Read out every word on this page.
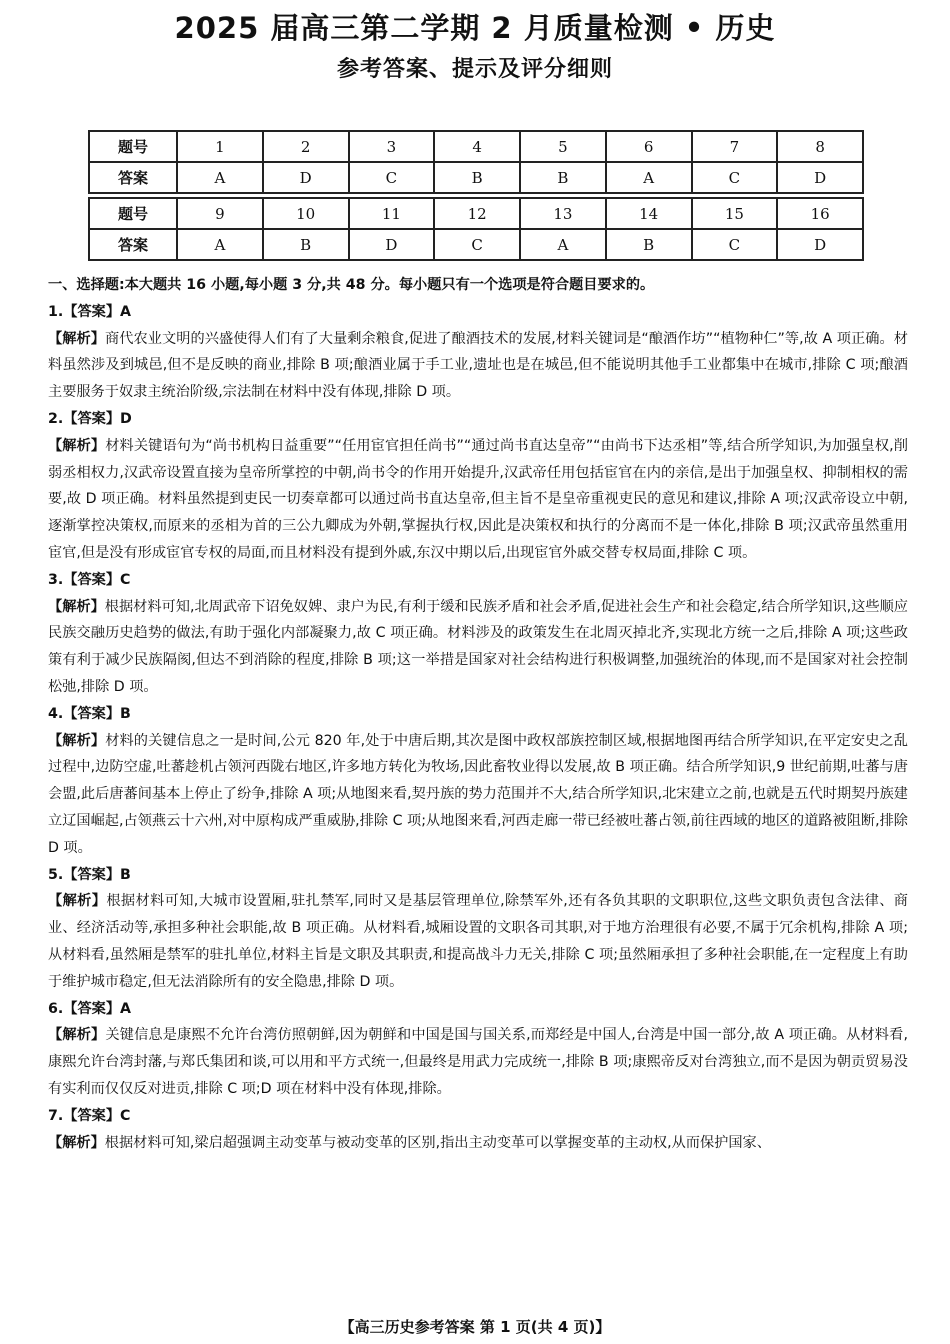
2025 届高三第二学期 2 月质量检测 • 历史
参考答案、提示及评分细则
题号	1	2	3	4	5	6	7	8
答案	A	D	C	B	B	A	C	D

题号	9	10	11	12	13	14	15	16
答案	A	B	D	C	A	B	C	D

一、选择题:本大题共 16 小题,每小题 3 分,共 48 分。每小题只有一个选项是符合题目要求的。

1.【答案】A

【解析】商代农业文明的兴盛使得人们有了大量剩余粮食,促进了酿酒技术的发展,材料关键词是“酿酒作坊”“植物种仁”等,故 A 项正确。材料虽然涉及到城邑,但不是反映的商业,排除 B 项;酿酒业属于手工业,遗址也是在城邑,但不能说明其他手工业都集中在城市,排除 C 项;酿酒主要服务于奴隶主统治阶级,宗法制在材料中没有体现,排除 D 项。

2.【答案】D

【解析】材料关键语句为“尚书机构日益重要”“任用宦官担任尚书”“通过尚书直达皇帝”“由尚书下达丞相”等,结合所学知识,为加强皇权,削弱丞相权力,汉武帝设置直接为皇帝所掌控的中朝,尚书令的作用开始提升,汉武帝任用包括宦官在内的亲信,是出于加强皇权、抑制相权的需要,故 D 项正确。材料虽然提到吏民一切奏章都可以通过尚书直达皇帝,但主旨不是皇帝重视吏民的意见和建议,排除 A 项;汉武帝设立中朝,逐渐掌控决策权,而原来的丞相为首的三公九卿成为外朝,掌握执行权,因此是决策权和执行的分离而不是一体化,排除 B 项;汉武帝虽然重用宦官,但是没有形成宦官专权的局面,而且材料没有提到外戚,东汉中期以后,出现宦官外戚交替专权局面,排除 C 项。

3.【答案】C

【解析】根据材料可知,北周武帝下诏免奴婢、隶户为民,有利于缓和民族矛盾和社会矛盾,促进社会生产和社会稳定,结合所学知识,这些顺应民族交融历史趋势的做法,有助于强化内部凝聚力,故 C 项正确。材料涉及的政策发生在北周灭掉北齐,实现北方统一之后,排除 A 项;这些政策有利于减少民族隔阂,但达不到消除的程度,排除 B 项;这一举措是国家对社会结构进行积极调整,加强统治的体现,而不是国家对社会控制松弛,排除 D 项。

4.【答案】B

【解析】材料的关键信息之一是时间,公元 820 年,处于中唐后期,其次是图中政权部族控制区域,根据地图再结合所学知识,在平定安史之乱过程中,边防空虚,吐蕃趁机占领河西陇右地区,许多地方转化为牧场,因此畜牧业得以发展,故 B 项正确。结合所学知识,9 世纪前期,吐蕃与唐会盟,此后唐蕃间基本上停止了纷争,排除 A 项;从地图来看,契丹族的势力范围并不大,结合所学知识,北宋建立之前,也就是五代时期契丹族建立辽国崛起,占领燕云十六州,对中原构成严重威胁,排除 C 项;从地图来看,河西走廊一带已经被吐蕃占领,前往西域的地区的道路被阻断,排除 D 项。

5.【答案】B

【解析】根据材料可知,大城市设置厢,驻扎禁军,同时又是基层管理单位,除禁军外,还有各负其职的文职职位,这些文职负责包含法律、商业、经济活动等,承担多种社会职能,故 B 项正确。从材料看,城厢设置的文职各司其职,对于地方治理很有必要,不属于冗余机构,排除 A 项;从材料看,虽然厢是禁军的驻扎单位,材料主旨是文职及其职责,和提高战斗力无关,排除 C 项;虽然厢承担了多种社会职能,在一定程度上有助于维护城市稳定,但无法消除所有的安全隐患,排除 D 项。

6.【答案】A

【解析】关键信息是康熙不允许台湾仿照朝鲜,因为朝鲜和中国是国与国关系,而郑经是中国人,台湾是中国一部分,故 A 项正确。从材料看,康熙允许台湾封藩,与郑氏集团和谈,可以用和平方式统一,但最终是用武力完成统一,排除 B 项;康熙帝反对台湾独立,而不是因为朝贡贸易没有实利而仅仅反对进贡,排除 C 项;D 项在材料中没有体现,排除。

7.【答案】C

【解析】根据材料可知,梁启超强调主动变革与被动变革的区别,指出主动变革可以掌握变革的主动权,从而保护国家、

【高三历史参考答案 第 1 页(共 4 页)】
